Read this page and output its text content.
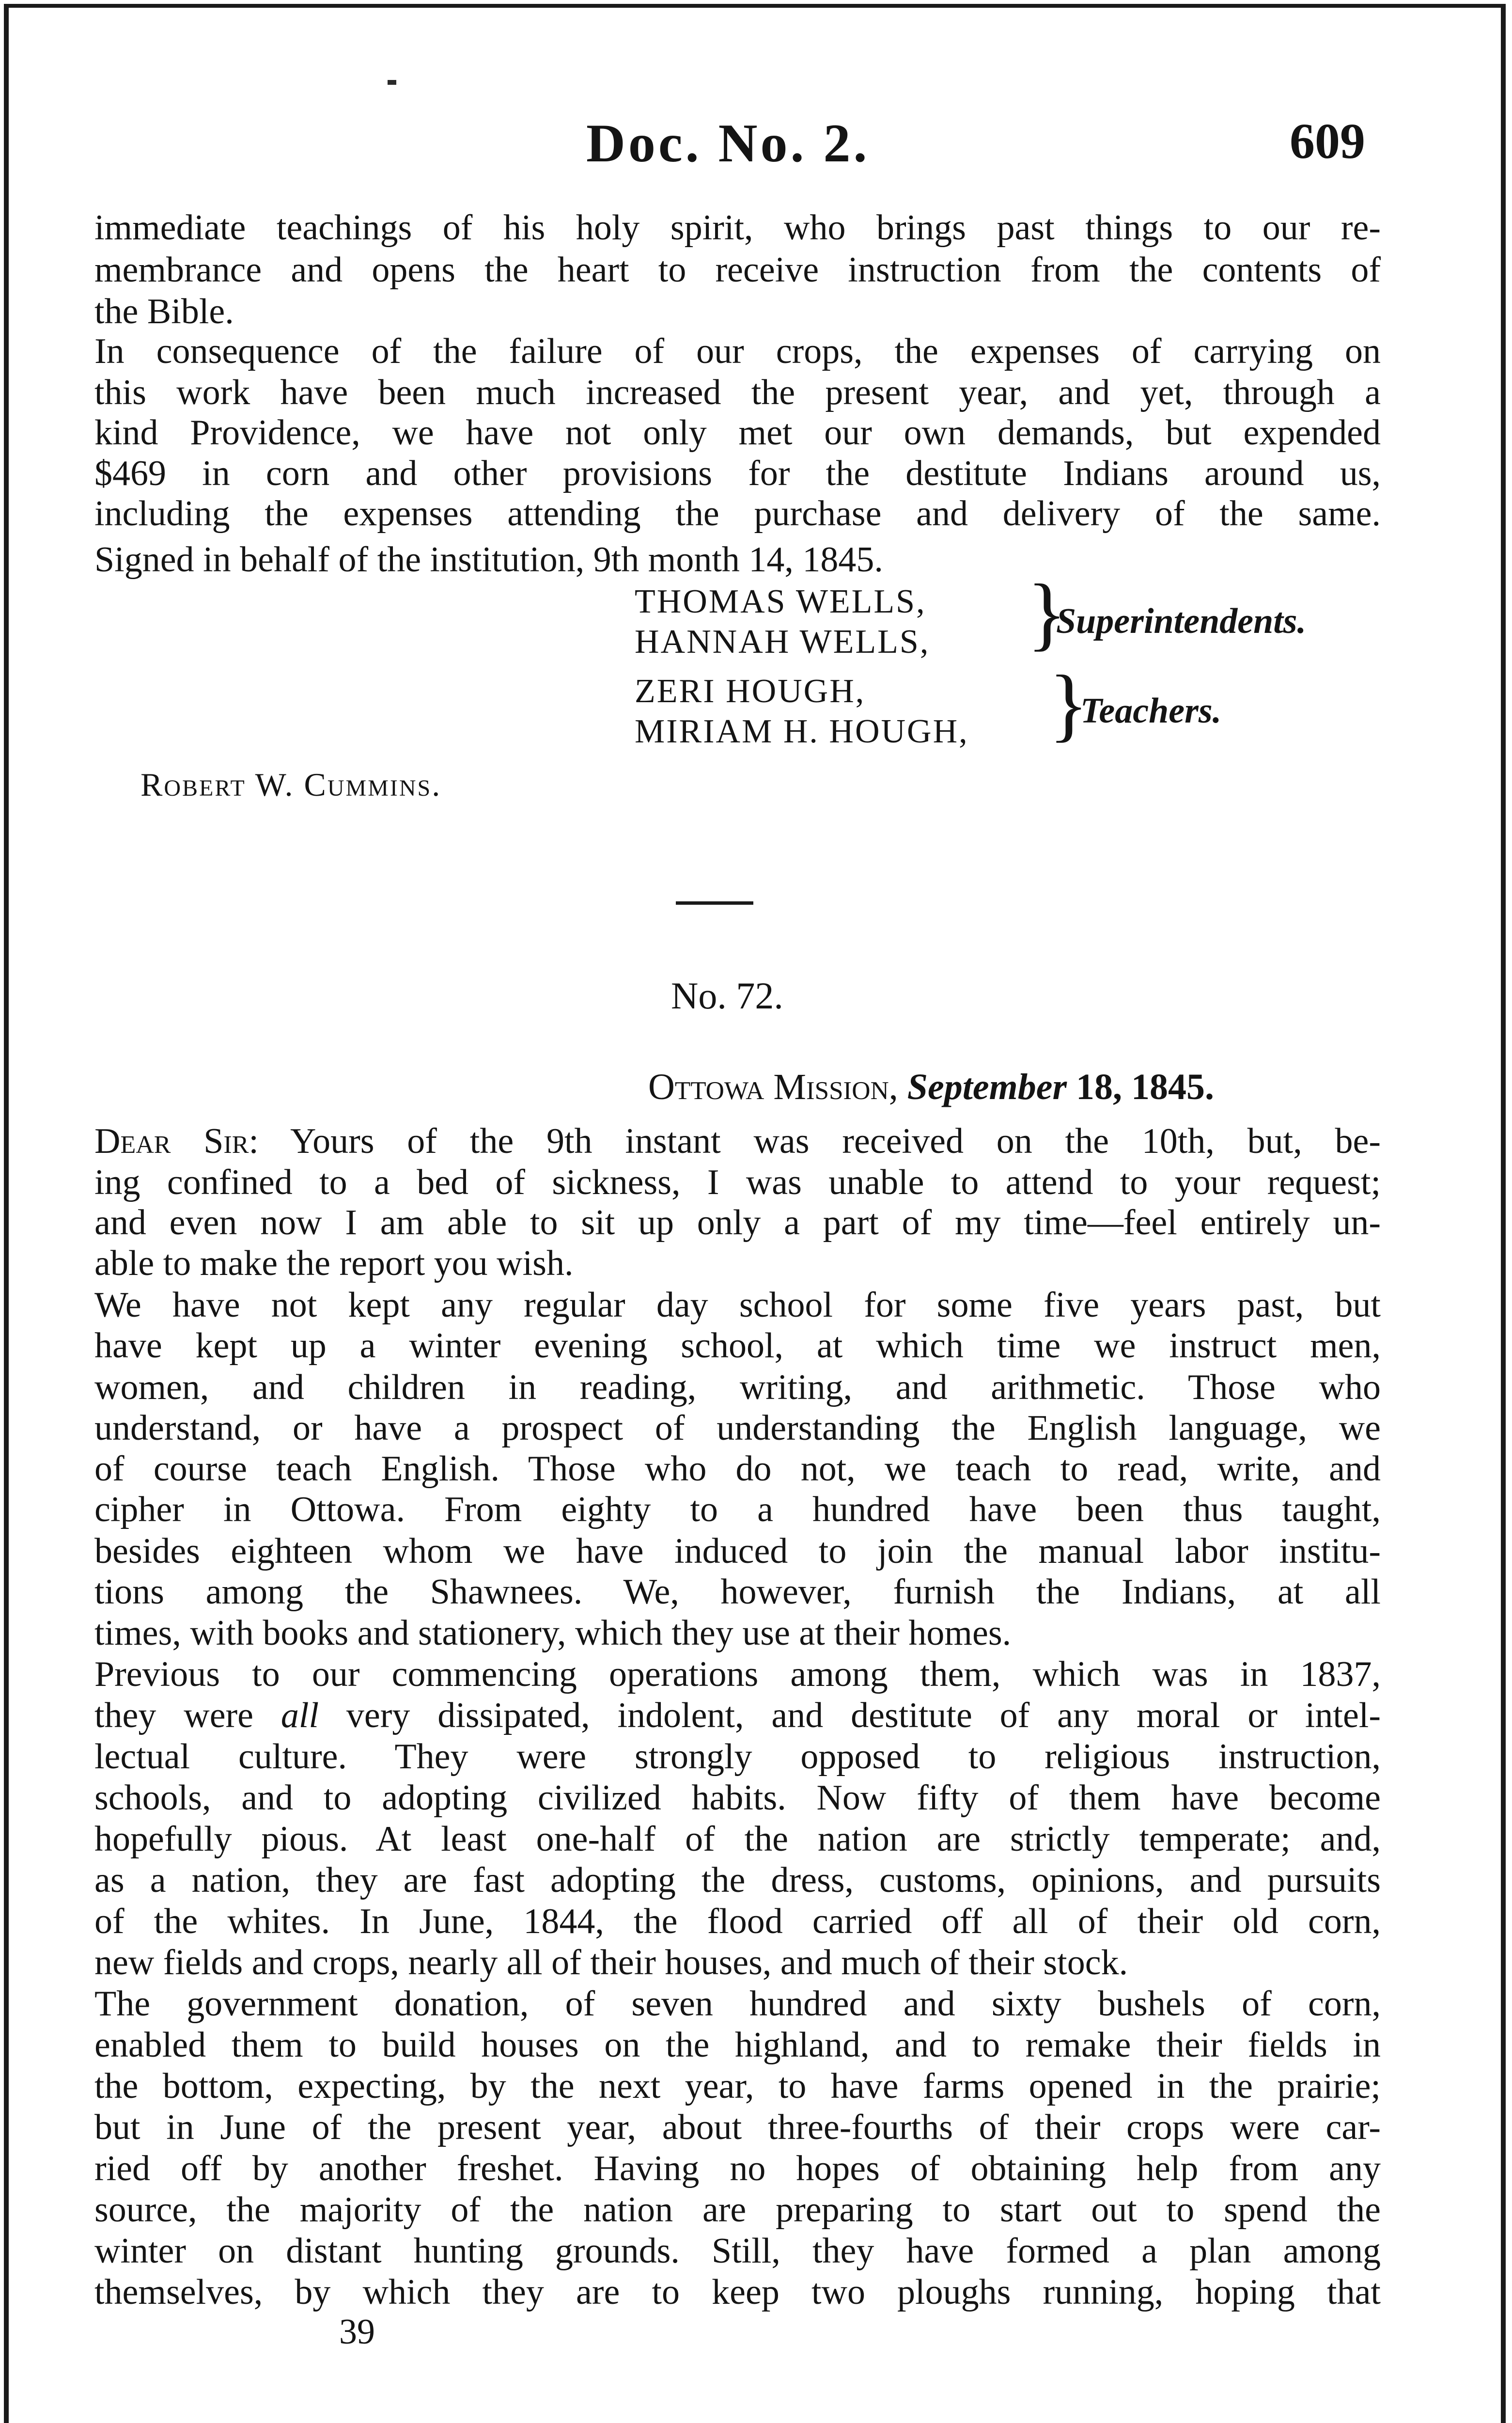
Doc. No. 2.	609
immediate teachings of his holy spirit, who brings past things to our re-
membrance and opens the heart to receive instruction from the contents of
the Bible.
In consequence of the failure of our crops, the expenses of carrying on
this work have been much increased the present year, and yet, through a
kind Providence, we have not only met our own demands, but expended
$469 in corn and other provisions for the destitute Indians around us,
including the expenses attending the purchase and delivery of the same.
Signed in behalf of the institution, 9th month 14, 1845.
THOMAS WELLS,
HANNAH WELLS, }
Superintendents.
ZERI HOUGH,
MIRIAM H. HOUGH, }
Teachers.
Robert W. Cummins.
No. 72.
Ottowa Mission, September 18, 1845.
Dear Sir: Yours of the 9th instant was received on the 10th, but, be-
ing confined to a bed of sickness, I was unable to attend to your request;
and even now I am able to sit up only a part of my time—feel entirely un-
able to make the report you wish.
We have not kept any regular day school for some five years past, but
have kept up a winter evening school, at which time we instruct men,
women, and children in reading, writing, and arithmetic. Those who
understand, or have a prospect of understanding the English language, we
of course teach English. Those who do not, we teach to read, write, and
cipher in Ottowa. From eighty to a hundred have been thus taught,
besides eighteen whom we have induced to join the manual labor institu-
tions among the Shawnees. We, however, furnish the Indians, at all
times, with books and stationery, which they use at their homes.
Previous to our commencing operations among them, which was in 1837,
they were all very dissipated, indolent, and destitute of any moral or intel-
lectual culture. They were strongly opposed to religious instruction,
schools, and to adopting civilized habits. Now fifty of them have become
hopefully pious. At least one-half of the nation are strictly temperate; and,
as a nation, they are fast adopting the dress, customs, opinions, and pursuits
of the whites. In June, 1844, the flood carried off all of their old corn,
new fields and crops, nearly all of their houses, and much of their stock.
The government donation, of seven hundred and sixty bushels of corn,
enabled them to build houses on the highland, and to remake their fields in
the bottom, expecting, by the next year, to have farms opened in the prairie;
but in June of the present year, about three-fourths of their crops were car-
ried off by another freshet. Having no hopes of obtaining help from any
source, the majority of the nation are preparing to start out to spend the
winter on distant hunting grounds. Still, they have formed a plan among
themselves, by which they are to keep two ploughs running, hoping that
39
